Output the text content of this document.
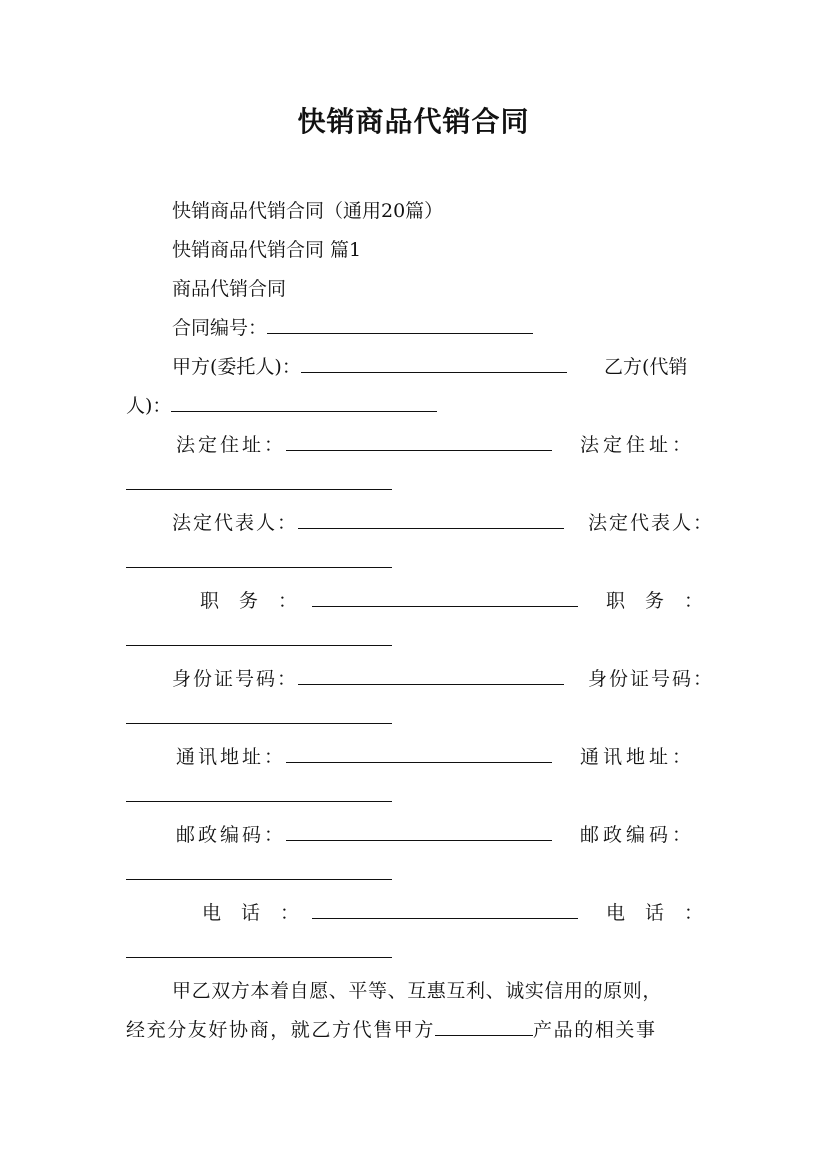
快销商品代销合同
快销商品代销合同（通用20篇）
快销商品代销合同 篇1
商品代销合同
合同编号：
甲方(委托人)：	乙方(代销
人)：
法定住址：	法定住址：
法定代表人：	法定代表人：
职务：	职务：
身份证号码：	身份证号码：
通讯地址：	通讯地址：
邮政编码：	邮政编码：
电话：	电话：
甲乙双方本着自愿、平等、互惠互利、诚实信用的原则，
经充分友好协商，就乙方代售甲方	产品的相关事
